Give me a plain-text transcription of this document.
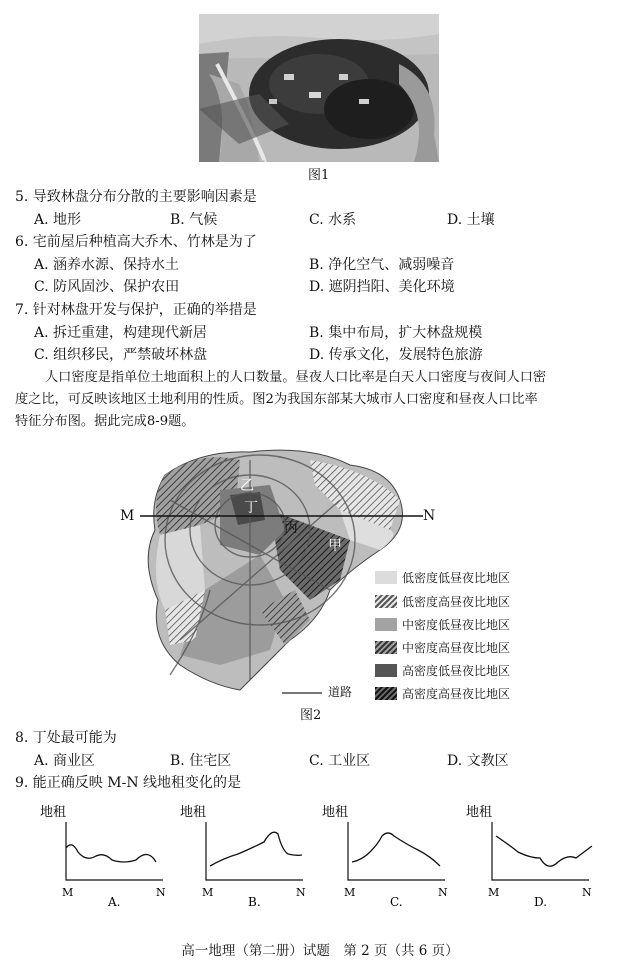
图1
5. 导致林盘分布分散的主要影响因素是
A. 地形	B. 气候	C. 水系	D. 土壤
6. 宅前屋后种植高大乔木、竹林是为了
A. 涵养水源、保持水土	B. 净化空气、减弱噪音
C. 防风固沙、保护农田	D. 遮阴挡阳、美化环境
7. 针对林盘开发与保护，正确的举措是
A. 拆迁重建，构建现代新居	B. 集中布局，扩大林盘规模
C. 组织移民，严禁破坏林盘	D. 传承文化，发展特色旅游
人口密度是指单位土地面积上的人口数量。昼夜人口比率是白天人口密度与夜间人口密
度之比，可反映该地区土地利用的性质。图2为我国东部某大城市人口密度和昼夜人口比率
特征分布图。据此完成8-9题。
M	N
乙
丁
丙
甲
低密度低昼夜比地区
低密度高昼夜比地区
中密度低昼夜比地区
中密度高昼夜比地区
高密度低昼夜比地区
高密度高昼夜比地区
道路
图2
8. 丁处最可能为
A. 商业区	B. 住宅区	C. 工业区	D. 文教区
9. 能正确反映 M-N 线地租变化的是
地租
M	N
A.
地租
M	N
B.
地租
M	N
C.
地租
M	N
D.
高一地理（第二册）试题　第 2 页（共 6 页）
